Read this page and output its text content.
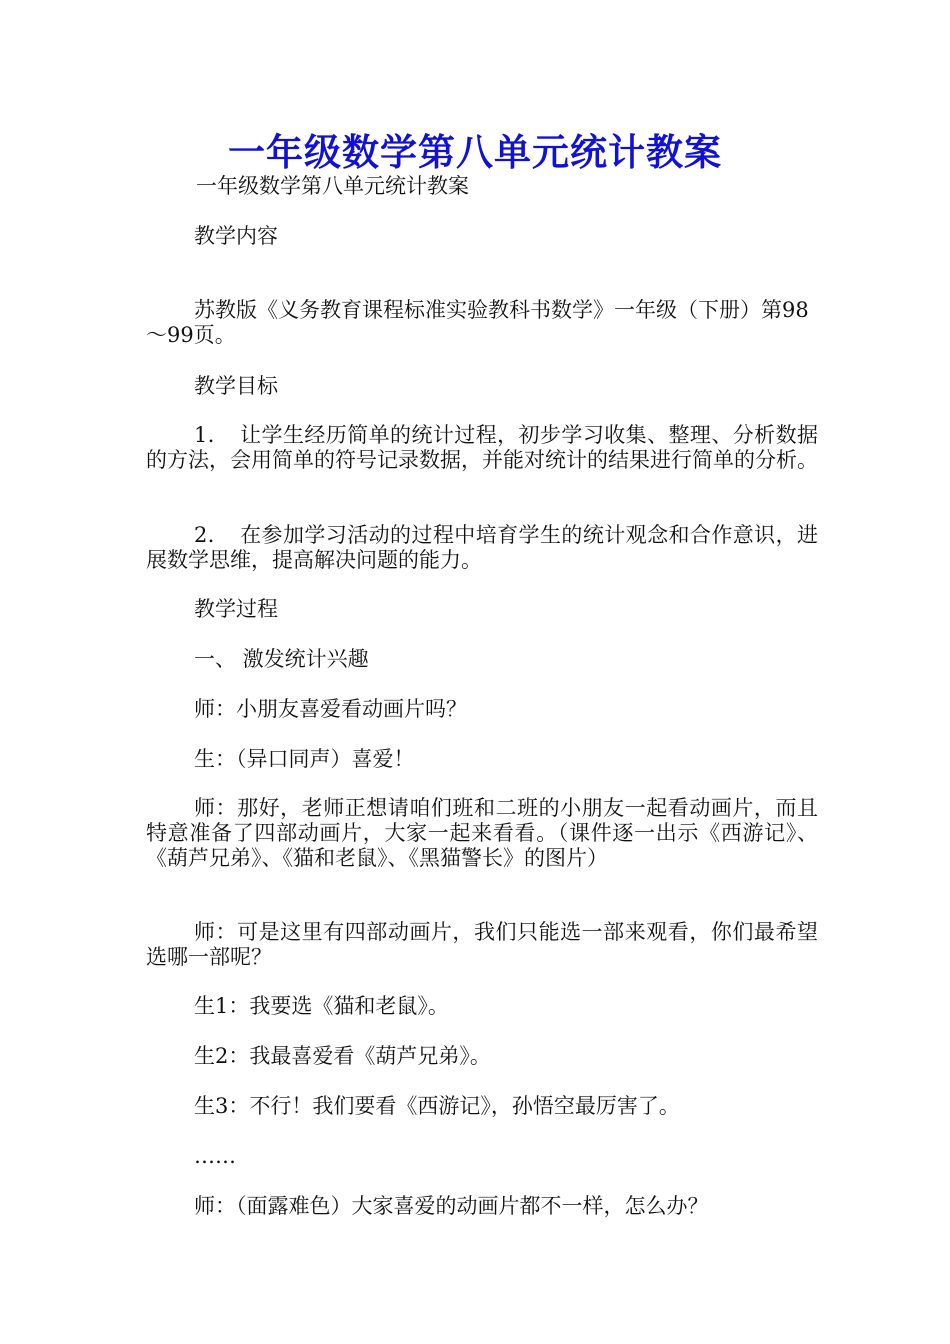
一年级数学第八单元统计教案
一年级数学第八单元统计教案
教学内容
苏教版《义务教育课程标准实验教科书数学》一年级（下册）第98～99页。
教学目标
1．　让学生经历简单的统计过程，初步学习收集、整理、分析数据的方法，会用简单的符号记录数据，并能对统计的结果进行简单的分析。
2．　在参加学习活动的过程中培育学生的统计观念和合作意识，进展数学思维，提高解决问题的能力。
教学过程
一、 激发统计兴趣
师：小朋友喜爱看动画片吗？
生：（异口同声）喜爱！
师：那好，老师正想请咱们班和二班的小朋友一起看动画片，而且特意准备了四部动画片，大家一起来看看。（课件逐一出示《西游记》、《葫芦兄弟》、《猫和老鼠》、《黑猫警长》的图片）
师：可是这里有四部动画片，我们只能选一部来观看，你们最希望选哪一部呢？
生1：我要选《猫和老鼠》。
生2：我最喜爱看《葫芦兄弟》。
生3：不行！我们要看《西游记》，孙悟空最厉害了。
……
师：（面露难色）大家喜爱的动画片都不一样，怎么办？
